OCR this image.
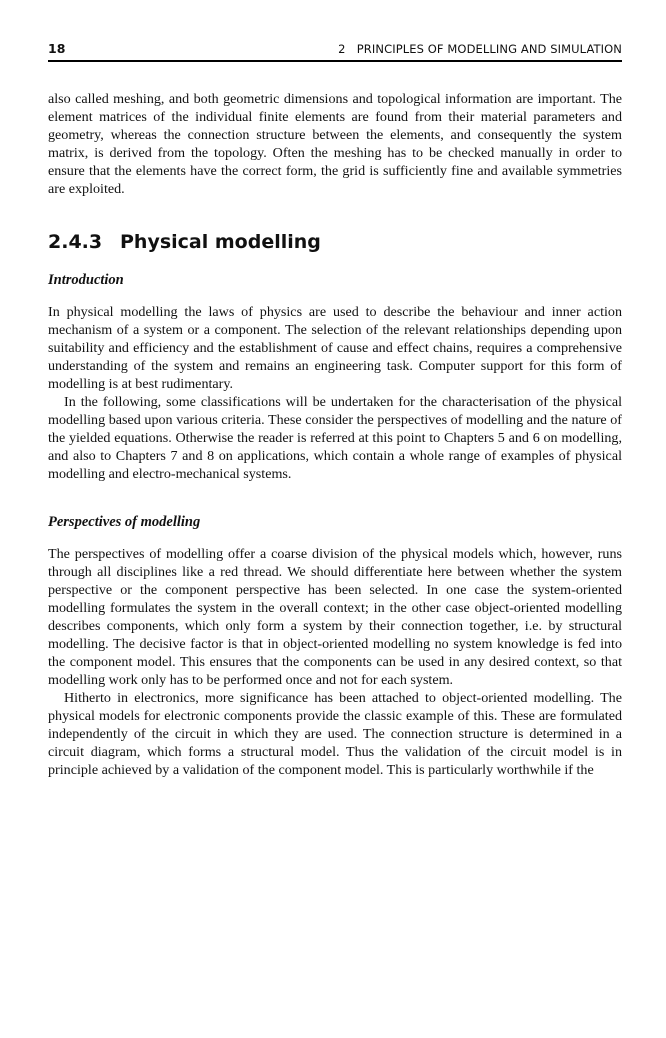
18	2   PRINCIPLES OF MODELLING AND SIMULATION

also called meshing, and both geometric dimensions and topological information are important. The element matrices of the individual finite elements are found from their material parameters and geometry, whereas the connection structure between the elements, and consequently the system matrix, is derived from the topology. Often the meshing has to be checked manually in order to ensure that the elements have the correct form, the grid is sufficiently fine and available symmetries are exploited.

2.4.3 Physical modelling
Introduction

In physical modelling the laws of physics are used to describe the behaviour and inner action mechanism of a system or a component. The selection of the relevant relationships depending upon suitability and efficiency and the establishment of cause and effect chains, requires a comprehensive understanding of the system and remains an engineering task. Computer support for this form of modelling is at best rudimentary.

In the following, some classifications will be undertaken for the characterisation of the physical modelling based upon various criteria. These consider the perspectives of modelling and the nature of the yielded equations. Otherwise the reader is referred at this point to Chapters 5 and 6 on modelling, and also to Chapters 7 and 8 on applications, which contain a whole range of examples of physical modelling and electro-mechanical systems.

Perspectives of modelling

The perspectives of modelling offer a coarse division of the physical models which, however, runs through all disciplines like a red thread. We should differentiate here between whether the system perspective or the component perspective has been selected. In one case the system-oriented modelling formulates the system in the overall context; in the other case object-oriented modelling describes components, which only form a system by their connection together, i.e. by structural modelling. The decisive factor is that in object-oriented modelling no system knowledge is fed into the component model. This ensures that the components can be used in any desired context, so that modelling work only has to be performed once and not for each system.

Hitherto in electronics, more significance has been attached to object-oriented modelling. The physical models for electronic components provide the classic example of this. These are formulated independently of the circuit in which they are used. The connection structure is determined in a circuit diagram, which forms a structural model. Thus the validation of the circuit model is in principle achieved by a validation of the component model. This is particularly worthwhile if the
